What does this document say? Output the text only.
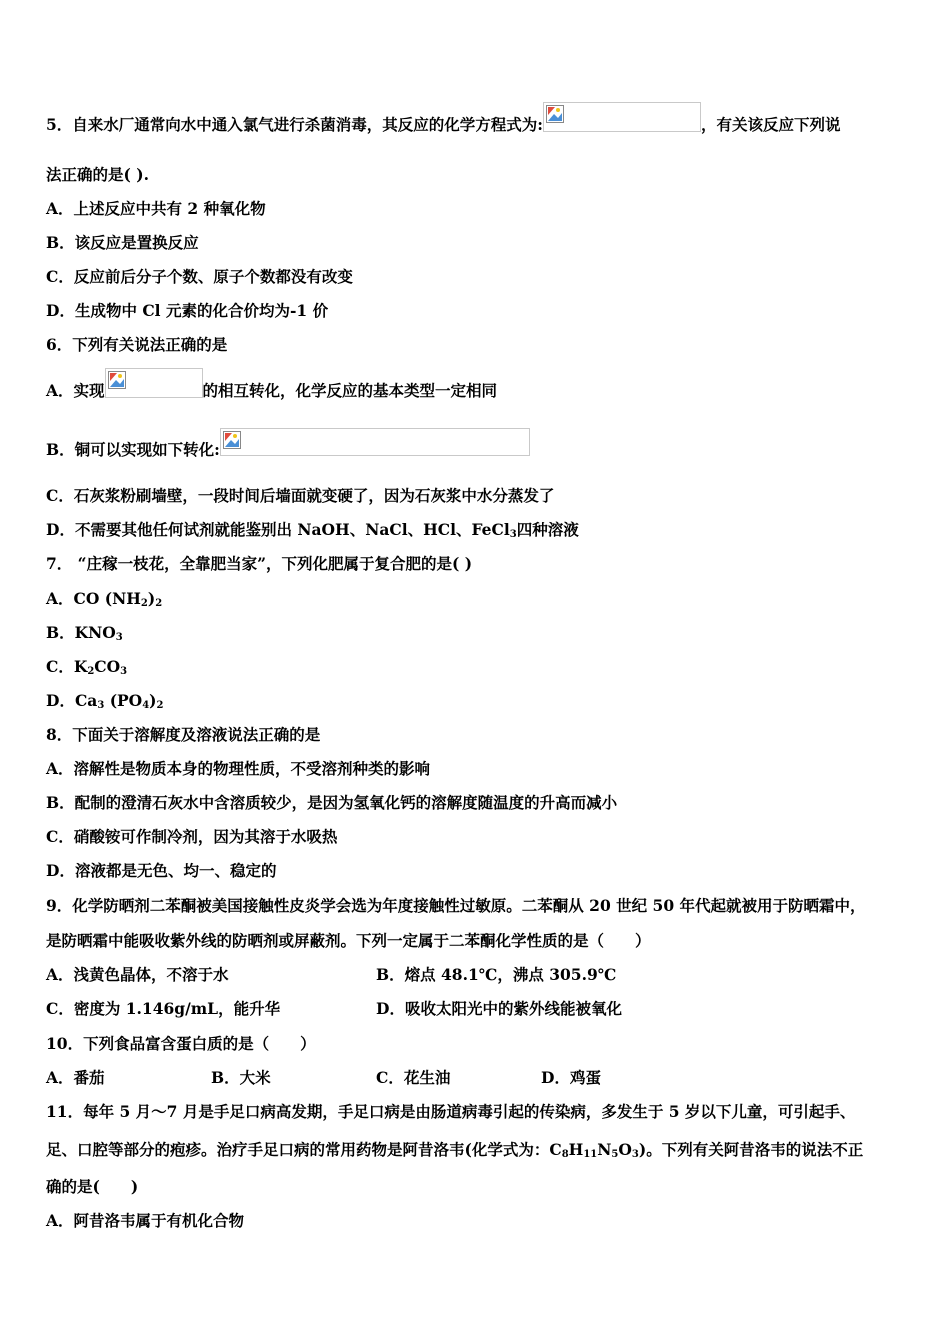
5．自来水厂通常向水中通入氯气进行杀菌消毒，其反应的化学方程式为:	，有关该反应下列说
法正确的是( ).
A．上述反应中共有 2 种氧化物
B．该反应是置换反应
C．反应前后分子个数、原子个数都没有改变
D．生成物中 Cl 元素的化合价均为-1 价
6．下列有关说法正确的是
A．实现	的相互转化，化学反应的基本类型一定相同
B．铜可以实现如下转化:
C．石灰浆粉刷墙壁，一段时间后墙面就变硬了，因为石灰浆中水分蒸发了
D．不需要其他任何试剂就能鉴别出 NaOH、NaCl、HCl、FeCl$_3$四种溶液
7． “庄稼一枝花，全靠肥当家”，下列化肥属于复合肥的是( )
A．CO $(NH_2)_2$
B．$KNO_3$
C．$K_2CO_3$
D．$Ca_3$ $(PO_4)_2$
8．下面关于溶解度及溶液说法正确的是
A．溶解性是物质本身的物理性质，不受溶剂种类的影响
B．配制的澄清石灰水中含溶质较少，是因为氢氧化钙的溶解度随温度的升高而减小
C．硝酸铵可作制冷剂，因为其溶于水吸热
D．溶液都是无色、均一、稳定的
9．化学防晒剂二苯酮被美国接触性皮炎学会选为年度接触性过敏原。二苯酮从 20 世纪 50 年代起就被用于防晒霜中，
是防晒霜中能吸收紫外线的防晒剂或屏蔽剂。下列一定属于二苯酮化学性质的是（　　）
A．浅黄色晶体，不溶于水	B．熔点 48.1℃，沸点 305.9℃
C．密度为 1.146g/mL，能升华	D．吸收太阳光中的紫外线能被氧化
10．下列食品富含蛋白质的是（　　）
A．番茄	B．大米	C．花生油	D．鸡蛋
11．每年 5 月～7 月是手足口病高发期，手足口病是由肠道病毒引起的传染病，多发生于 5 岁以下儿童，可引起手、
足、口腔等部分的疱疹。治疗手足口病的常用药物是阿昔洛韦(化学式为：$C_8H_{11}N_5O_3$)。下列有关阿昔洛韦的说法不正
确的是(　　)
A．阿昔洛韦属于有机化合物
